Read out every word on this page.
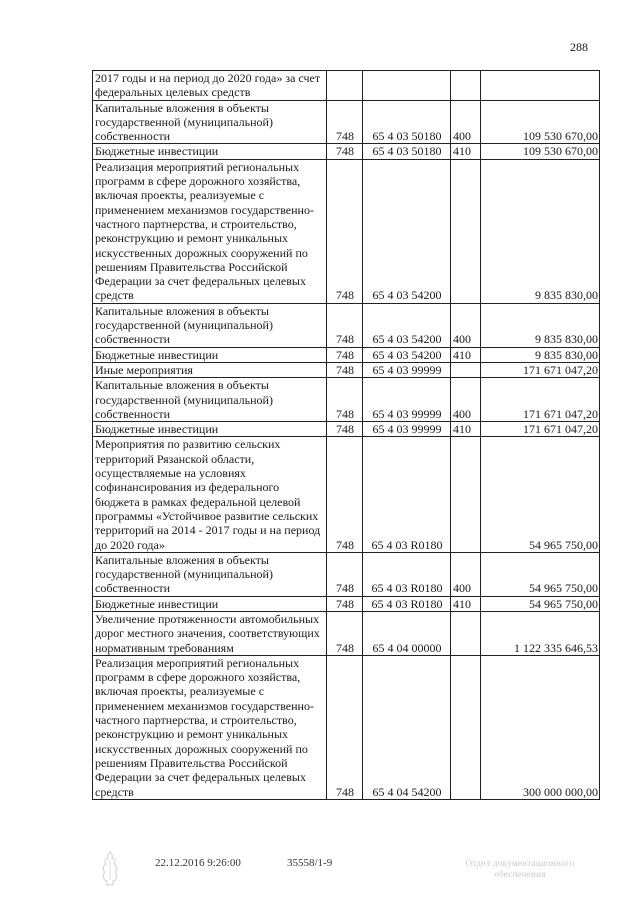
288
2017 годы и на период до 2020 года» за счет федеральных целевых средств				
Капитальные вложения в объекты государственной (муниципальной) собственности	748	65 4 03 50180	400	109 530 670,00
Бюджетные инвестиции	748	65 4 03 50180	410	109 530 670,00
Реализация мероприятий региональных программ в сфере дорожного хозяйства, включая проекты, реализуемые с применением механизмов государственно-частного партнерства, и строительство, реконструкцию и ремонт уникальных искусственных дорожных сооружений по решениям Правительства Российской Федерации за счет федеральных целевых средств	748	65 4 03 54200		9 835 830,00
Капитальные вложения в объекты государственной (муниципальной) собственности	748	65 4 03 54200	400	9 835 830,00
Бюджетные инвестиции	748	65 4 03 54200	410	9 835 830,00
Иные мероприятия	748	65 4 03 99999		171 671 047,20
Капитальные вложения в объекты государственной (муниципальной) собственности	748	65 4 03 99999	400	171 671 047,20
Бюджетные инвестиции	748	65 4 03 99999	410	171 671 047,20
Мероприятия по развитию сельских территорий Рязанской области, осуществляемые на условиях софинансирования из федерального бюджета в рамках федеральной целевой программы «Устойчивое развитие сельских территорий на 2014 - 2017 годы и на период до 2020 года»	748	65 4 03 R0180		54 965 750,00
Капитальные вложения в объекты государственной (муниципальной) собственности	748	65 4 03 R0180	400	54 965 750,00
Бюджетные инвестиции	748	65 4 03 R0180	410	54 965 750,00
Увеличение протяженности автомобильных дорог местного значения, соответствующих нормативным требованиям	748	65 4 04 00000		1 122 335 646,53
Реализация мероприятий региональных программ в сфере дорожного хозяйства, включая проекты, реализуемые с применением механизмов государственно-частного партнерства, и строительство, реконструкцию и ремонт уникальных искусственных дорожных сооружений по решениям Правительства Российской Федерации за счет федеральных целевых средств	748	65 4 04 54200		300 000 000,00
22.12.2016 9:26:00	35558/1-9	Отдел документационного
обеспечения
